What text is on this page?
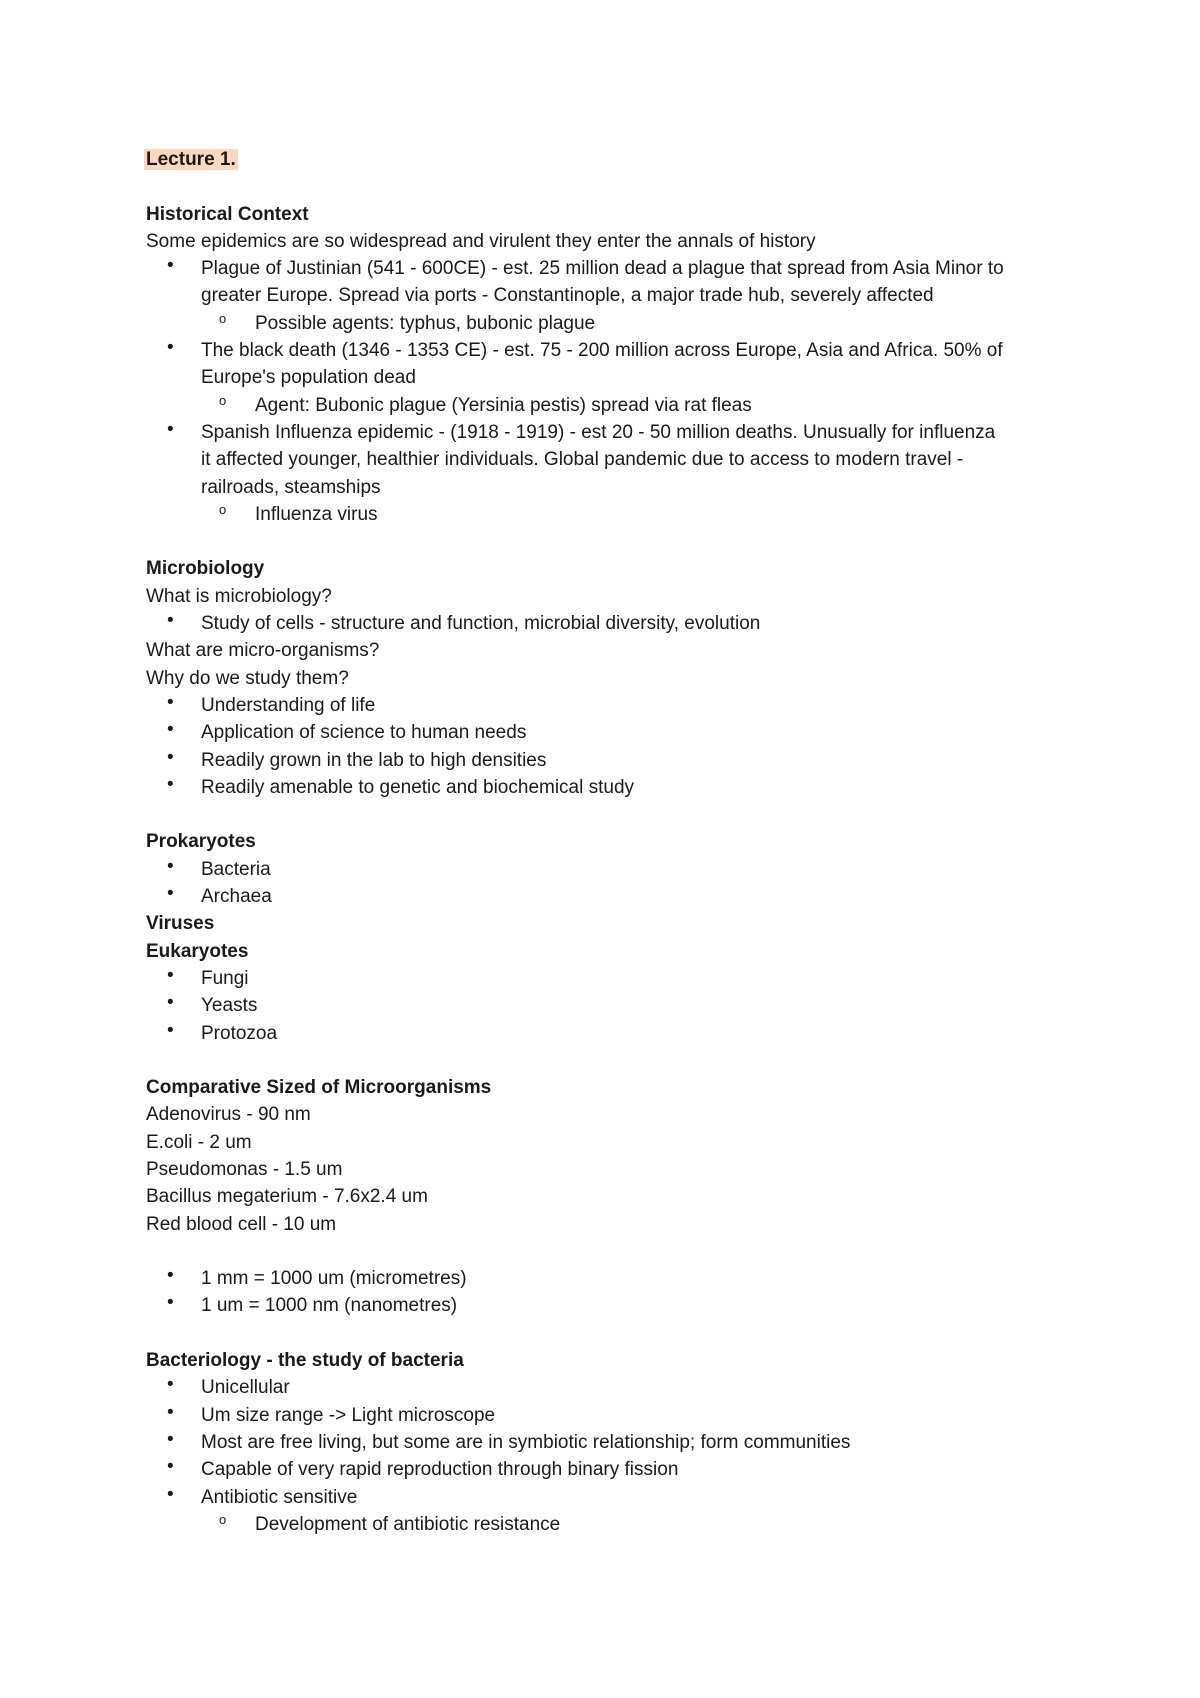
Lecture 1.
Historical Context
Some epidemics are so widespread and virulent they enter the annals of history
• Plague of Justinian (541 - 600CE) - est. 25 million dead a plague that spread from Asia Minor to
greater Europe. Spread via ports - Constantinople, a major trade hub, severely affected
o Possible agents: typhus, bubonic plague
• The black death (1346 - 1353 CE) - est. 75 - 200 million across Europe, Asia and Africa. 50% of
Europe's population dead
o Agent: Bubonic plague (Yersinia pestis) spread via rat fleas
• Spanish Influenza epidemic - (1918 - 1919) - est 20 - 50 million deaths. Unusually for influenza
it affected younger, healthier individuals. Global pandemic due to access to modern travel -
railroads, steamships
o Influenza virus
Microbiology
What is microbiology?
• Study of cells - structure and function, microbial diversity, evolution
What are micro-organisms?
Why do we study them?
• Understanding of life
• Application of science to human needs
• Readily grown in the lab to high densities
• Readily amenable to genetic and biochemical study
Prokaryotes
• Bacteria
• Archaea
Viruses
Eukaryotes
• Fungi
• Yeasts
• Protozoa
Comparative Sized of Microorganisms
Adenovirus - 90 nm
E.coli - 2 um
Pseudomonas - 1.5 um
Bacillus megaterium - 7.6x2.4 um
Red blood cell - 10 um
• 1 mm = 1000 um (micrometres)
• 1 um = 1000 nm (nanometres)
Bacteriology - the study of bacteria
• Unicellular
• Um size range -> Light microscope
• Most are free living, but some are in symbiotic relationship; form communities
• Capable of very rapid reproduction through binary fission
• Antibiotic sensitive
o Development of antibiotic resistance
